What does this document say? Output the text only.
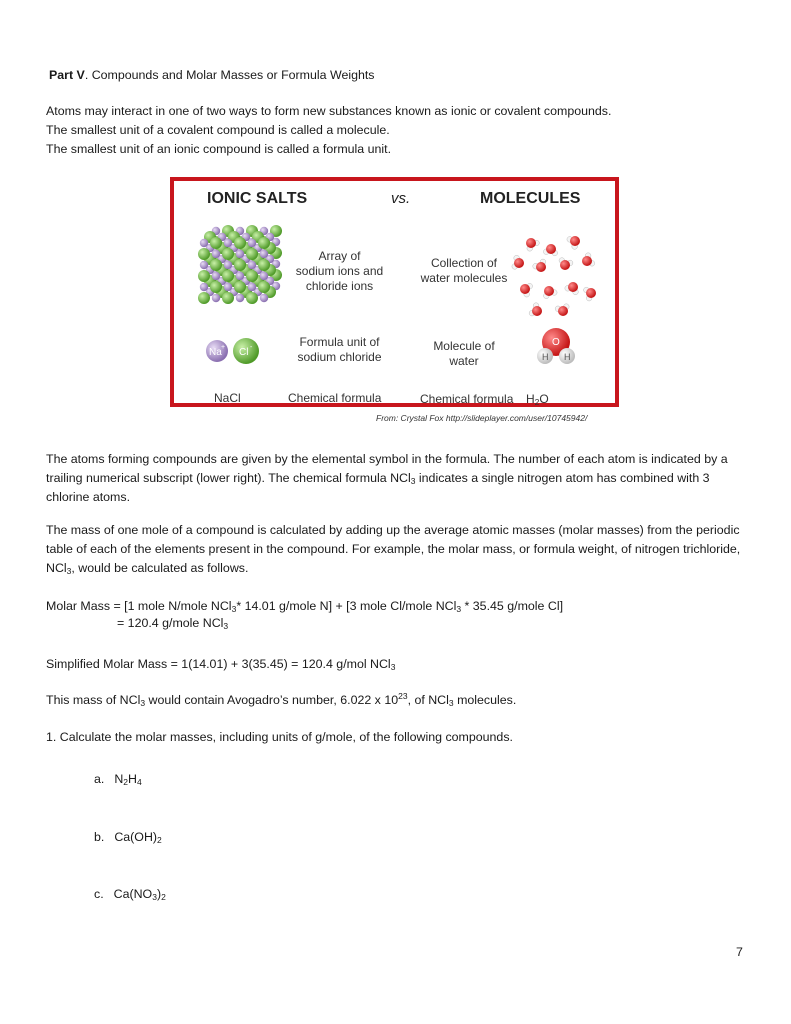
Part V. Compounds and Molar Masses or Formula Weights
Atoms may interact in one of two ways to form new substances known as ionic or covalent compounds.
The smallest unit of a covalent compound is called a molecule.
The smallest unit of an ionic compound is called a formula unit.
IONIC SALTS	vs.	MOLECULES
Array of
sodium ions and
chloride ions
Collection of
water molecules
Na + Cl -	Formula unit of
sodium chloride
Molecule of
water
O
H H
NaCl	Chemical formula	Chemical formula $H_2O$
From: Crystal Fox http://slideplayer.com/user/10745942/
The atoms forming compounds are given by the elemental symbol in the formula. The number of each atom is indicated by a trailing numerical subscript (lower right). The chemical formula NCl$_3$ indicates a single nitrogen atom has combined with 3 chlorine atoms.
The mass of one mole of a compound is calculated by adding up the average atomic masses (molar masses) from the periodic table of each of the elements present in the compound. For example, the molar mass, or formula weight, of nitrogen trichloride, NCl$_3$, would be calculated as follows.
Molar Mass = [1 mole N/mole NCl$_3$* 14.01 g/mole N] + [3 mole Cl/mole NCl$_3$ * 35.45 g/mole Cl]
= 120.4 g/mole NCl$_3$
Simplified Molar Mass = 1(14.01) + 3(35.45) = 120.4 g/mol NCl$_3$
This mass of NCl$_3$ would contain Avogadro’s number, 6.022 x $10^{23}$, of NCl$_3$ molecules.
1. Calculate the molar masses, including units of g/mole, of the following compounds.
a. $N_2H_4$
b. $Ca(OH)_2$
c. $Ca(NO_3)_2$
7
